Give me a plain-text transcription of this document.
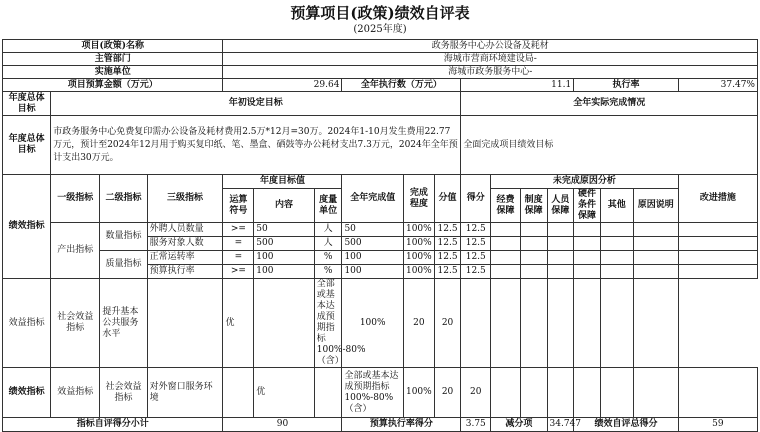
预算项目(政策)绩效自评表
(2025年度)
项目(政策)名称				政务服务中心办公设备及耗材													
主管部门				海城市营商环境建设局-													
实施单位				海城市政务服务中心-													
项目预算金额（万元）				29.64			全年执行数（万元）			11.1				执行率			37.47%
年度总体目标	年初设定目标									全年实际完成情况							
年度总体目标	市政务服务中心免费复印需办公设备及耗材费用2.5万*12月=30万。2024年1-10月发生费用22.77万元，预计至2024年12月用于购买复印纸、笔、墨盒、硒鼓等办公耗材支出7.3万元，2024年全年预计支出30万元。									全面完成项目绩效目标							
绩效指标	一级指标	二级指标	三级指标	年度目标值			全年完成值	完成程度	分值	得分	未完成原因分析						改进措施
				运算符号	内容	度量单位					经费保障	制度保障	人员保障	硬件条件保障	其他	原因说明	
	产出指标	数量指标	外聘人员数量	>=	50	人	50	100%	12.5	12.5							
			服务对象人数	=	500	人	500	100%	12.5	12.5							
		质量指标	正常运转率	=	100	%	100	100%	12.5	12.5							
			预算执行率	>=	100	%	100	100%	12.5	12.5							
效益指标	社会效益指标	提升基本公共服务水平		优		全部或基本达成预期指标100%-80%（含）	100%	20	20								
绩效指标	效益指标	社会效益指标	对外窗口服务环境		优		全部或基本达成预期指标100%-80%（含）	100%	20	20							
指标自评得分小计				90			预算执行率得分			3.75	减分项		34.747	绩效自评总得分			59
